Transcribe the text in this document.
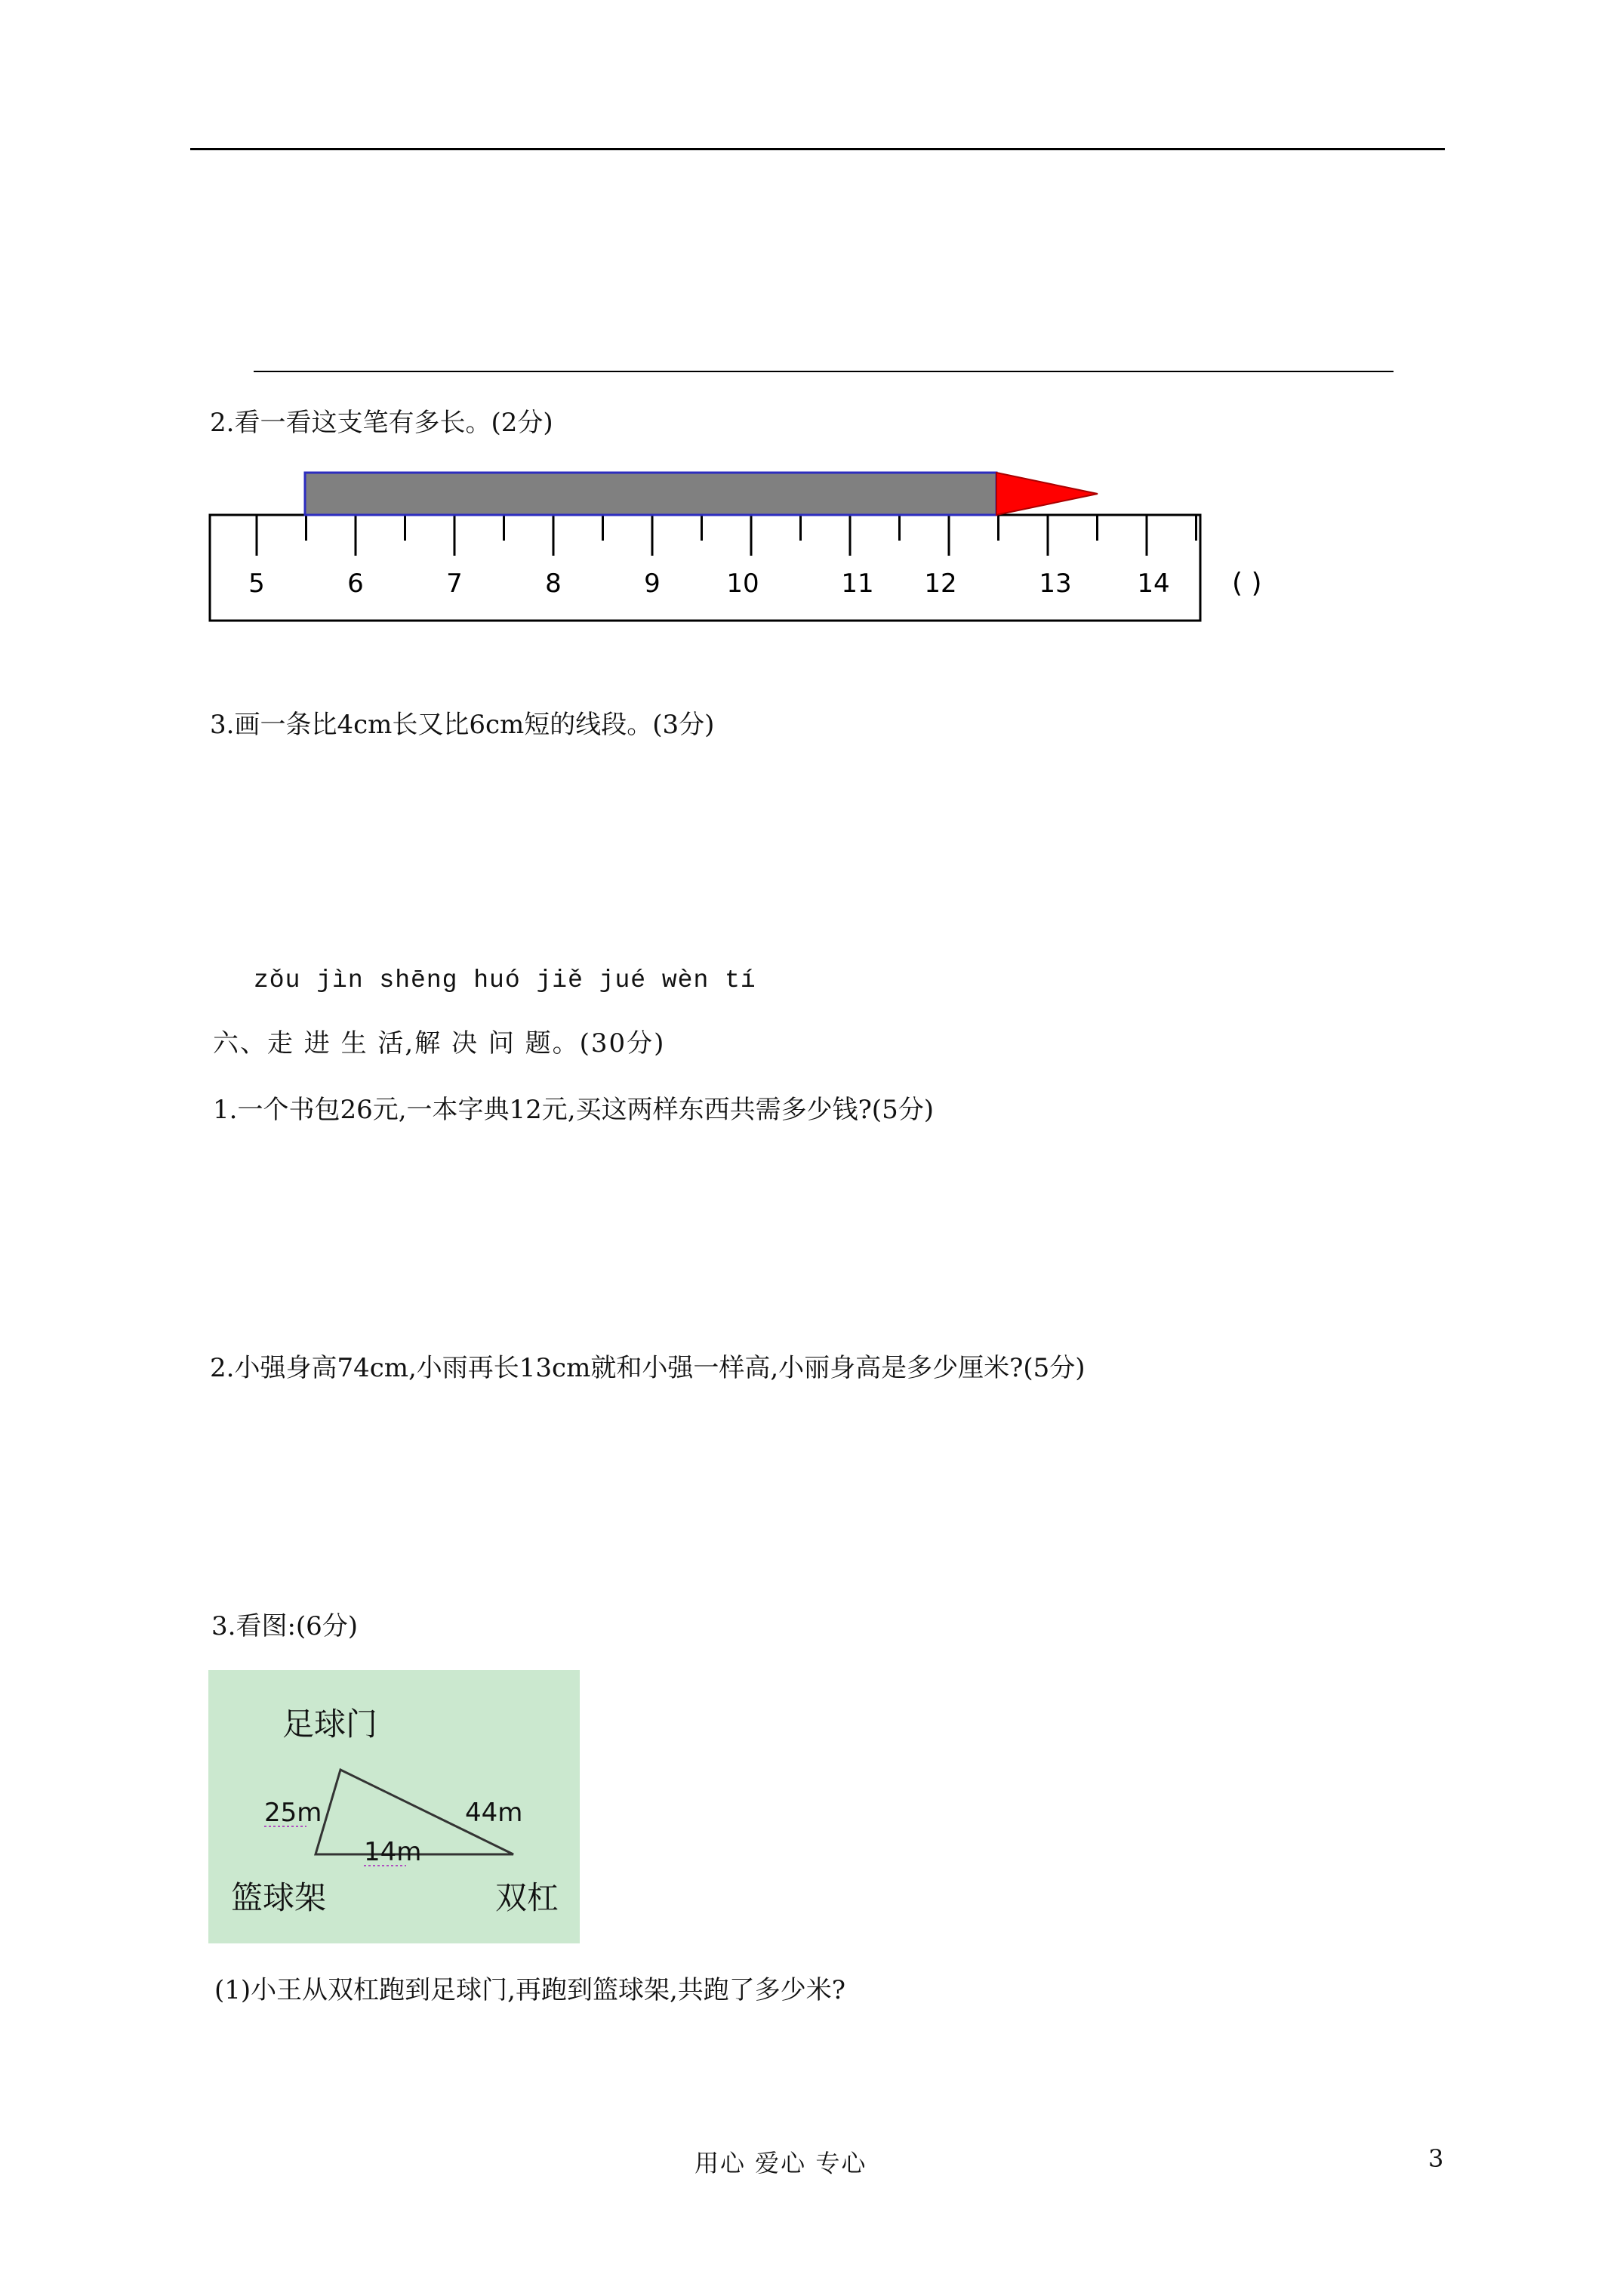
2.看一看这支笔有多长。(2分)
5	6	7	8	9	10	11 12	13	14 ( )
3.画一条比4cm长又比6cm短的线段。(3分)
zǒu jìn shēng huó jiě jué wèn tí
六、走 进 生 活,解 决 问 题。(30分)
1.一个书包26元,一本字典12元,买这两样东西共需多少钱?(5分)
2.小强身高74cm,小雨再长13cm就和小强一样高,小丽身高是多少厘米?(5分)
3.看图:(6分)
足球门
篮球架	双杠
25m	44m
14m
(1)小王从双杠跑到足球门,再跑到篮球架,共跑了多少米?
用心 爱心 专心	3
